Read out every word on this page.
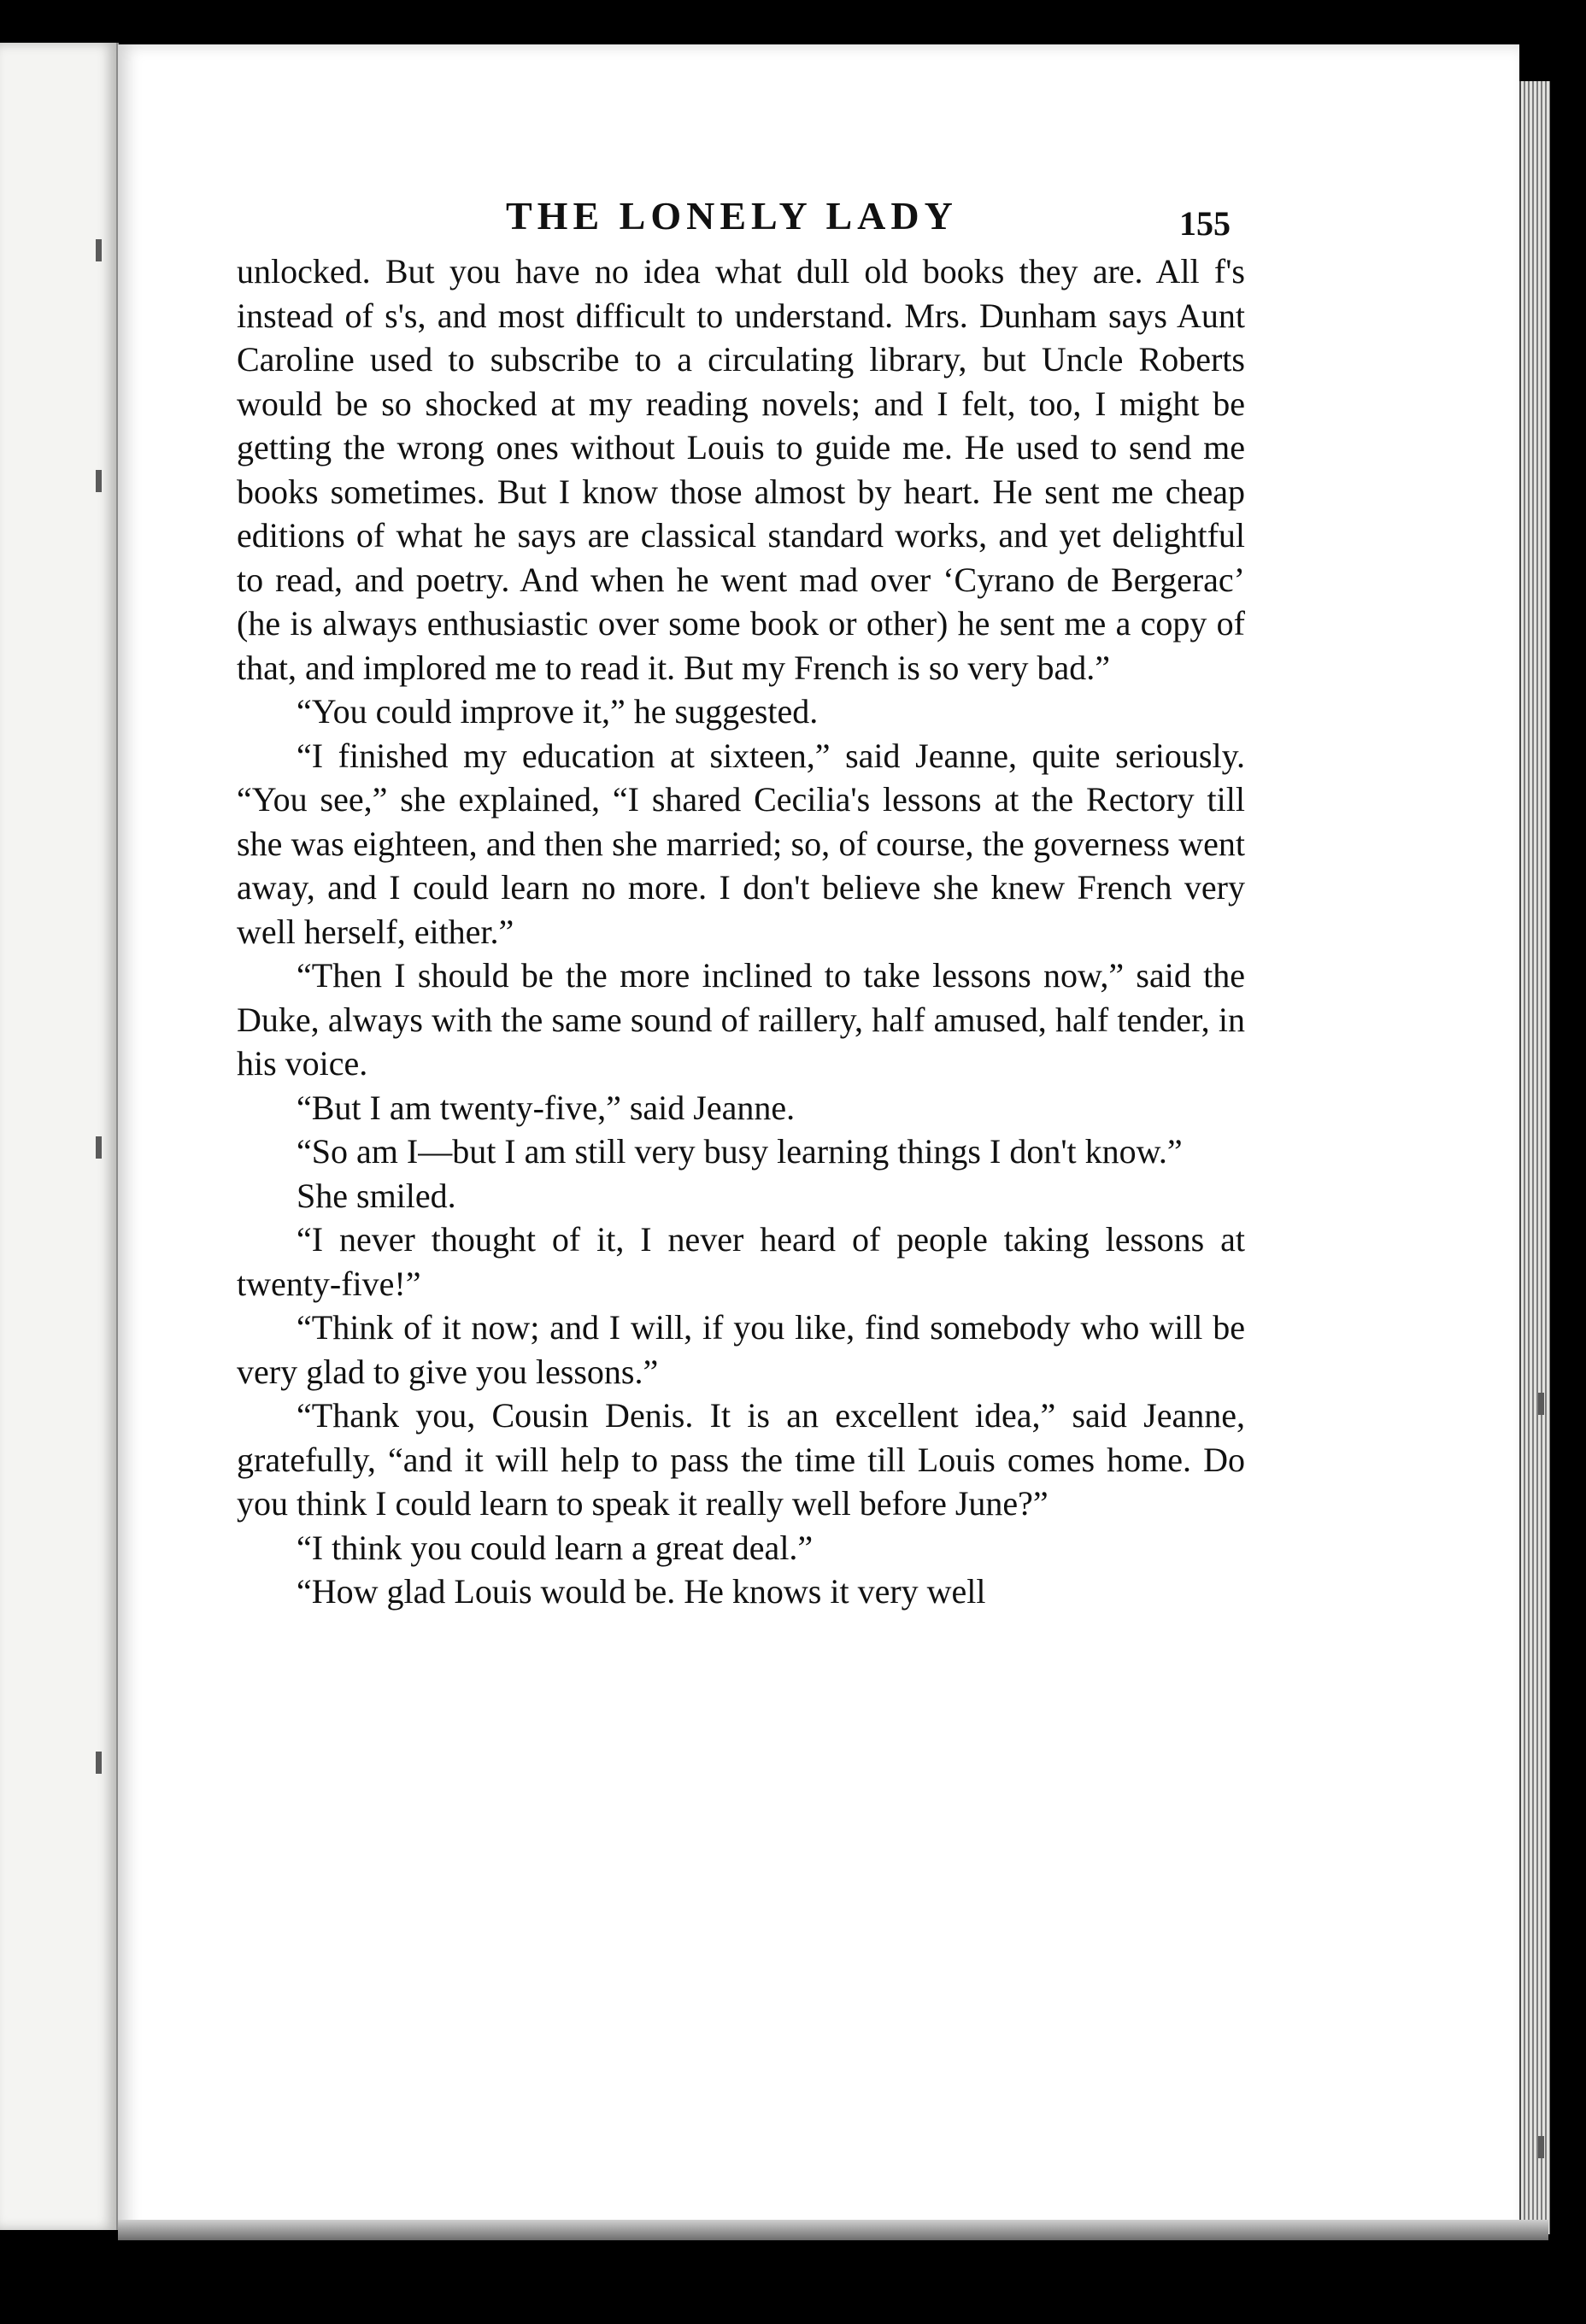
THE LONELY LADY	155

unlocked. But you have no idea what dull old books they are. All f's instead of s's, and most difficult to understand. Mrs. Dunham says Aunt Caroline used to subscribe to a circulating library, but Uncle Roberts would be so shocked at my reading novels; and I felt, too, I might be getting the wrong ones without Louis to guide me. He used to send me books sometimes. But I know those almost by heart. He sent me cheap editions of what he says are classical standard works, and yet delightful to read, and poetry. And when he went mad over ‘Cyrano de Bergerac’ (he is always enthusiastic over some book or other) he sent me a copy of that, and implored me to read it. But my French is so very bad.”

“You could improve it,” he suggested.

“I finished my education at sixteen,” said Jeanne, quite seriously. “You see,” she explained, “I shared Cecilia's lessons at the Rectory till she was eighteen, and then she married; so, of course, the governess went away, and I could learn no more. I don't believe she knew French very well herself, either.”

“Then I should be the more inclined to take lessons now,” said the Duke, always with the same sound of raillery, half amused, half tender, in his voice.

“But I am twenty-five,” said Jeanne.

“So am I—but I am still very busy learning things I don't know.”

She smiled.

“I never thought of it, I never heard of people taking lessons at twenty-five!”

“Think of it now; and I will, if you like, find somebody who will be very glad to give you lessons.”

“Thank you, Cousin Denis. It is an excellent idea,” said Jeanne, gratefully, “and it will help to pass the time till Louis comes home. Do you think I could learn to speak it really well before June?”

“I think you could learn a great deal.”

“How glad Louis would be. He knows it very well
